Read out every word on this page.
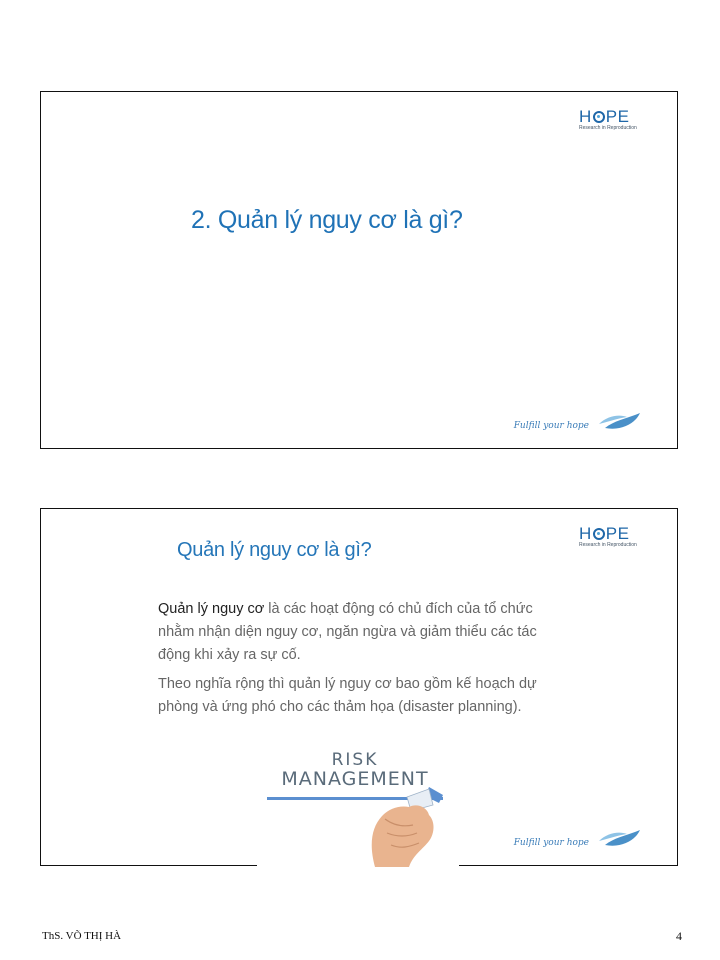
H PE
Research in Reproduction
2. Quản lý nguy cơ là gì?
Fulfill your hope
H PE
Research in Reproduction
Quản lý nguy cơ là gì?

Quản lý nguy cơ là các hoạt động có chủ đích của tổ chức nhằm nhận diện nguy cơ, ngăn ngừa và giảm thiểu các tác động khi xảy ra sự cố.

Theo nghĩa rộng thì quản lý nguy cơ bao gồm kế hoạch dự phòng và ứng phó cho các thảm họa (disaster planning).

RISK
MANAGEMENT
Fulfill your hope
ThS. VÕ THỊ HÀ	4
